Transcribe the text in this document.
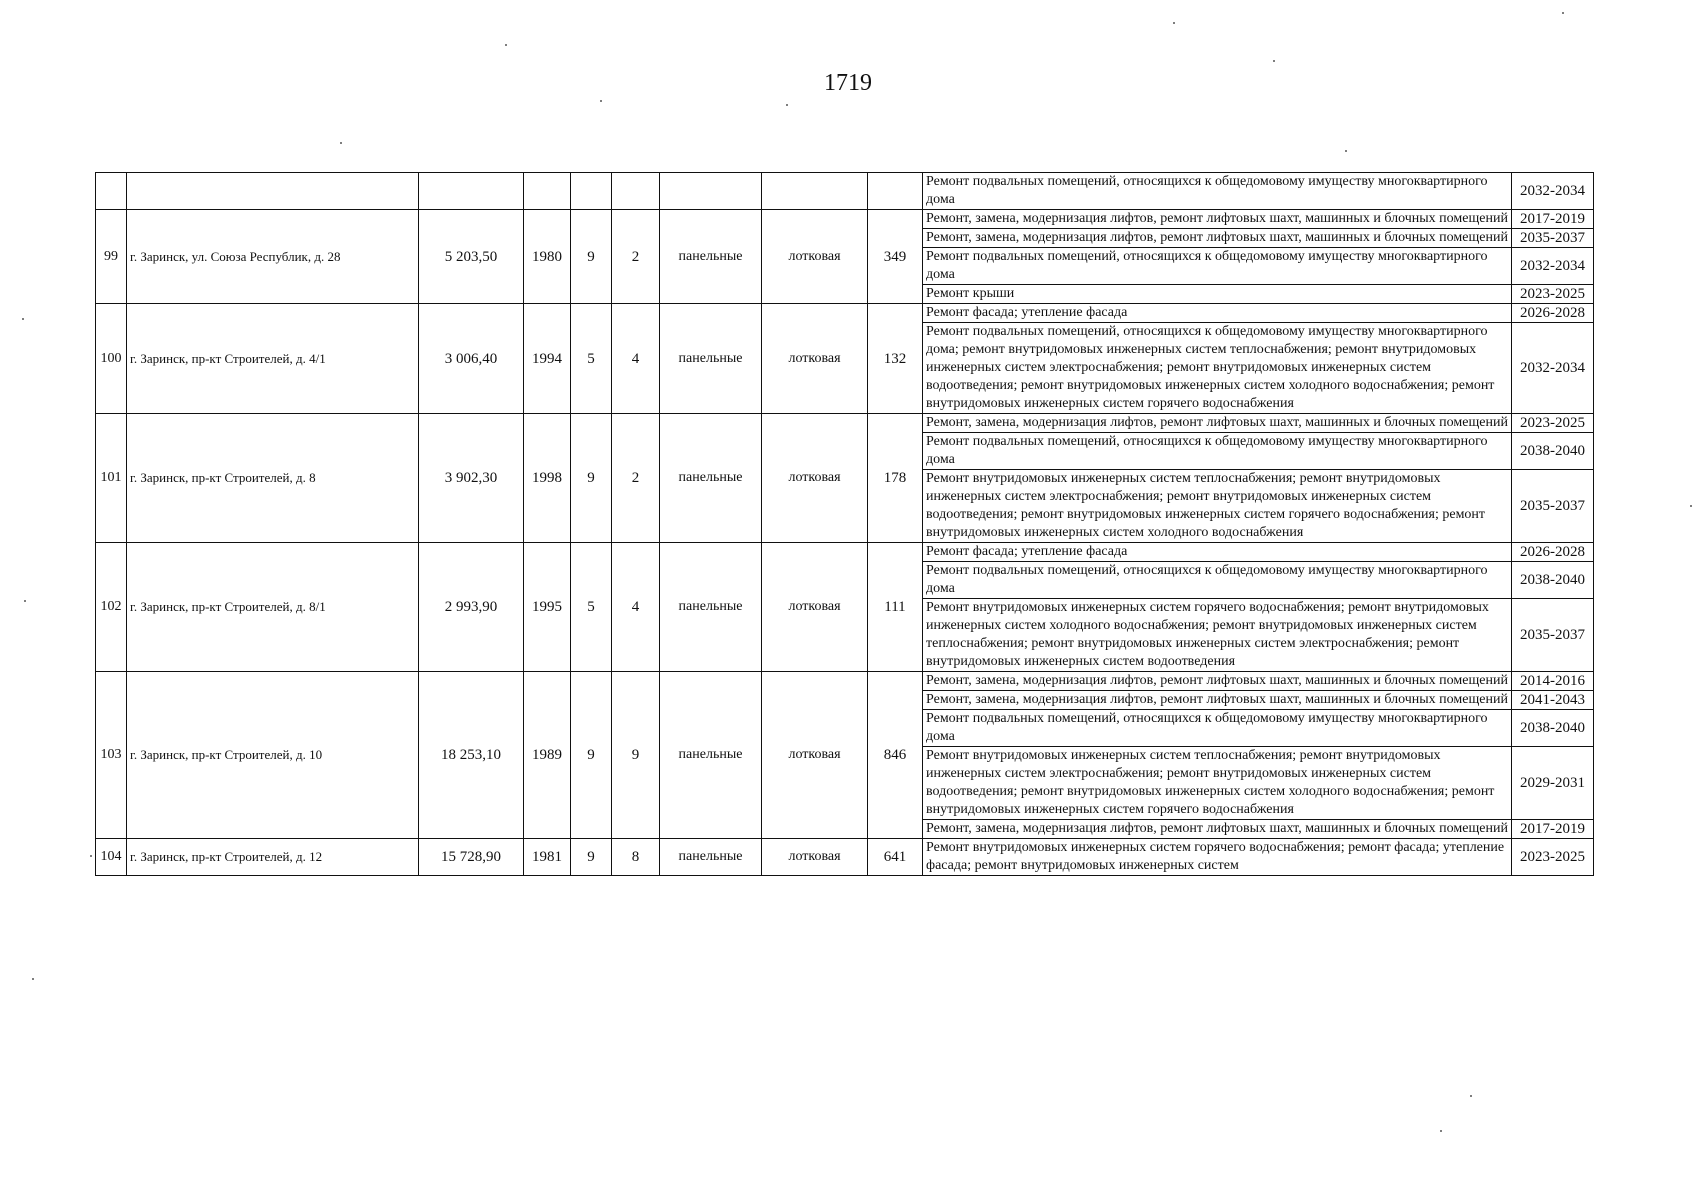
1719
									Ремонт подвальных помещений, относящихся к общедомовому имуществу многоквартирного дома	2032-2034
99	г. Заринск, ул. Союза Республик, д. 28	5 203,50	1980	9	2	панельные	лотковая	349	Ремонт, замена, модернизация лифтов, ремонт лифтовых шахт, машинных и блочных помещений	2017-2019
									Ремонт, замена, модернизация лифтов, ремонт лифтовых шахт, машинных и блочных помещений	2035-2037
									Ремонт подвальных помещений, относящихся к общедомовому имуществу многоквартирного дома	2032-2034
									Ремонт крыши	2023-2025
100	г. Заринск, пр-кт Строителей, д. 4/1	3 006,40	1994	5	4	панельные	лотковая	132	Ремонт фасада; утепление фасада	2026-2028
									Ремонт подвальных помещений, относящихся к общедомовому имуществу многоквартирного дома; ремонт внутридомовых инженерных систем теплоснабжения; ремонт внутридомовых инженерных систем электроснабжения; ремонт внутридомовых инженерных систем водоотведения; ремонт внутридомовых инженерных систем холодного водоснабжения; ремонт внутридомовых инженерных систем горячего водоснабжения	2032-2034
101	г. Заринск, пр-кт Строителей, д. 8	3 902,30	1998	9	2	панельные	лотковая	178	Ремонт, замена, модернизация лифтов, ремонт лифтовых шахт, машинных и блочных помещений	2023-2025
									Ремонт подвальных помещений, относящихся к общедомовому имуществу многоквартирного дома	2038-2040
									Ремонт внутридомовых инженерных систем теплоснабжения; ремонт внутридомовых инженерных систем электроснабжения; ремонт внутридомовых инженерных систем водоотведения; ремонт внутридомовых инженерных систем горячего водоснабжения; ремонт внутридомовых инженерных систем холодного водоснабжения	2035-2037
102	г. Заринск, пр-кт Строителей, д. 8/1	2 993,90	1995	5	4	панельные	лотковая	111	Ремонт фасада; утепление фасада	2026-2028
									Ремонт подвальных помещений, относящихся к общедомовому имуществу многоквартирного дома	2038-2040
									Ремонт внутридомовых инженерных систем горячего водоснабжения; ремонт внутридомовых инженерных систем холодного водоснабжения; ремонт внутридомовых инженерных систем теплоснабжения; ремонт внутридомовых инженерных систем электроснабжения; ремонт внутридомовых инженерных систем водоотведения	2035-2037
103	г. Заринск, пр-кт Строителей, д. 10	18 253,10	1989	9	9	панельные	лотковая	846	Ремонт, замена, модернизация лифтов, ремонт лифтовых шахт, машинных и блочных помещений	2014-2016
									Ремонт, замена, модернизация лифтов, ремонт лифтовых шахт, машинных и блочных помещений	2041-2043
									Ремонт подвальных помещений, относящихся к общедомовому имуществу многоквартирного дома	2038-2040
									Ремонт внутридомовых инженерных систем теплоснабжения; ремонт внутридомовых инженерных систем электроснабжения; ремонт внутридомовых инженерных систем водоотведения; ремонт внутридомовых инженерных систем холодного водоснабжения; ремонт внутридомовых инженерных систем горячего водоснабжения	2029-2031
									Ремонт, замена, модернизация лифтов, ремонт лифтовых шахт, машинных и блочных помещений	2017-2019
104	г. Заринск, пр-кт Строителей, д. 12	15 728,90	1981	9	8	панельные	лотковая	641	Ремонт внутридомовых инженерных систем горячего водоснабжения; ремонт фасада; утепление фасада; ремонт внутридомовых инженерных систем	2023-2025
